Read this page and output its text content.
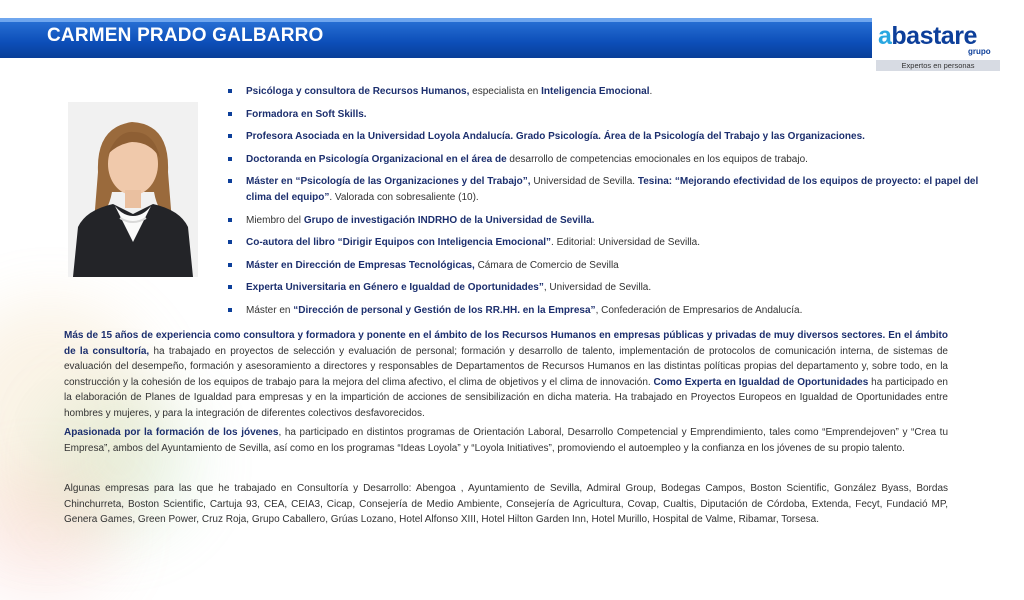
CARMEN PRADO GALBARRO	abastare
grupo
Expertos en personas
Psicóloga y consultora de Recursos Humanos, especialista en Inteligencia Emocional.
Formadora en Soft Skills.
Profesora Asociada en la Universidad Loyola Andalucía. Grado Psicología. Área de la Psicología del Trabajo y las Organizaciones.
Doctoranda en Psicología Organizacional en el área de desarrollo de competencias emocionales en los equipos de trabajo.
Máster en “Psicología de las Organizaciones y del Trabajo”, Universidad de Sevilla. Tesina: “Mejorando efectividad de los equipos de proyecto: el papel del clima del equipo”. Valorada con sobresaliente (10).
Miembro del Grupo de investigación INDRHO de la Universidad de Sevilla.
Co-autora del libro “Dirigir Equipos con Inteligencia Emocional”. Editorial: Universidad de Sevilla.
Máster en Dirección de Empresas Tecnológicas, Cámara de Comercio de Sevilla
Experta Universitaria en Género e Igualdad de Oportunidades”, Universidad de Sevilla.
Máster en “Dirección de personal y Gestión de los RR.HH. en la Empresa”, Confederación de Empresarios de Andalucía.

Más de 15 años de experiencia como consultora y formadora y ponente en el ámbito de los Recursos Humanos en empresas públicas y privadas de muy diversos sectores. En el ámbito de la consultoría, ha trabajado en proyectos de selección y evaluación de personal; formación y desarrollo de talento, implementación de protocolos de comunicación interna, de sistemas de evaluación del desempeño, formación y asesoramiento a directores y responsables de Departamentos de Recursos Humanos en las distintas políticas propias del departamento y, sobre todo, en la construcción y la cohesión de los equipos de trabajo para la mejora del clima afectivo, el clima de objetivos y el clima de innovación. Como Experta en Igualdad de Oportunidades ha participado en la elaboración de Planes de Igualdad para empresas y en la impartición de acciones de sensibilización en dicha materia. Ha trabajado en Proyectos Europeos en Igualdad de Oportunidades entre hombres y mujeres, y para la integración de diferentes colectivos desfavorecidos.

Apasionada por la formación de los jóvenes, ha participado en distintos programas de Orientación Laboral, Desarrollo Competencial y Emprendimiento, tales como “Emprendejoven” y “Crea tu Empresa”, ambos del Ayuntamiento de Sevilla, así como en los programas “Ideas Loyola” y “Loyola Initiatives”, promoviendo el autoempleo y la confianza en los jóvenes de su propio talento.

Algunas empresas para las que he trabajado en Consultoría y Desarrollo: Abengoa , Ayuntamiento de Sevilla, Admiral Group, Bodegas Campos, Boston Scientific, González Byass, Bordas Chinchurreta, Boston Scientific, Cartuja 93, CEA, CEIA3, Cicap, Consejería de Medio Ambiente, Consejería de Agricultura, Covap, Cualtis, Diputación de Córdoba, Extenda, Fecyt, Fundació MP, Genera Games, Green Power, Cruz Roja, Grupo Caballero, Grúas Lozano, Hotel Alfonso XIII, Hotel Hilton Garden Inn, Hotel Murillo, Hospital de Valme, Ribamar, Torsesa.
